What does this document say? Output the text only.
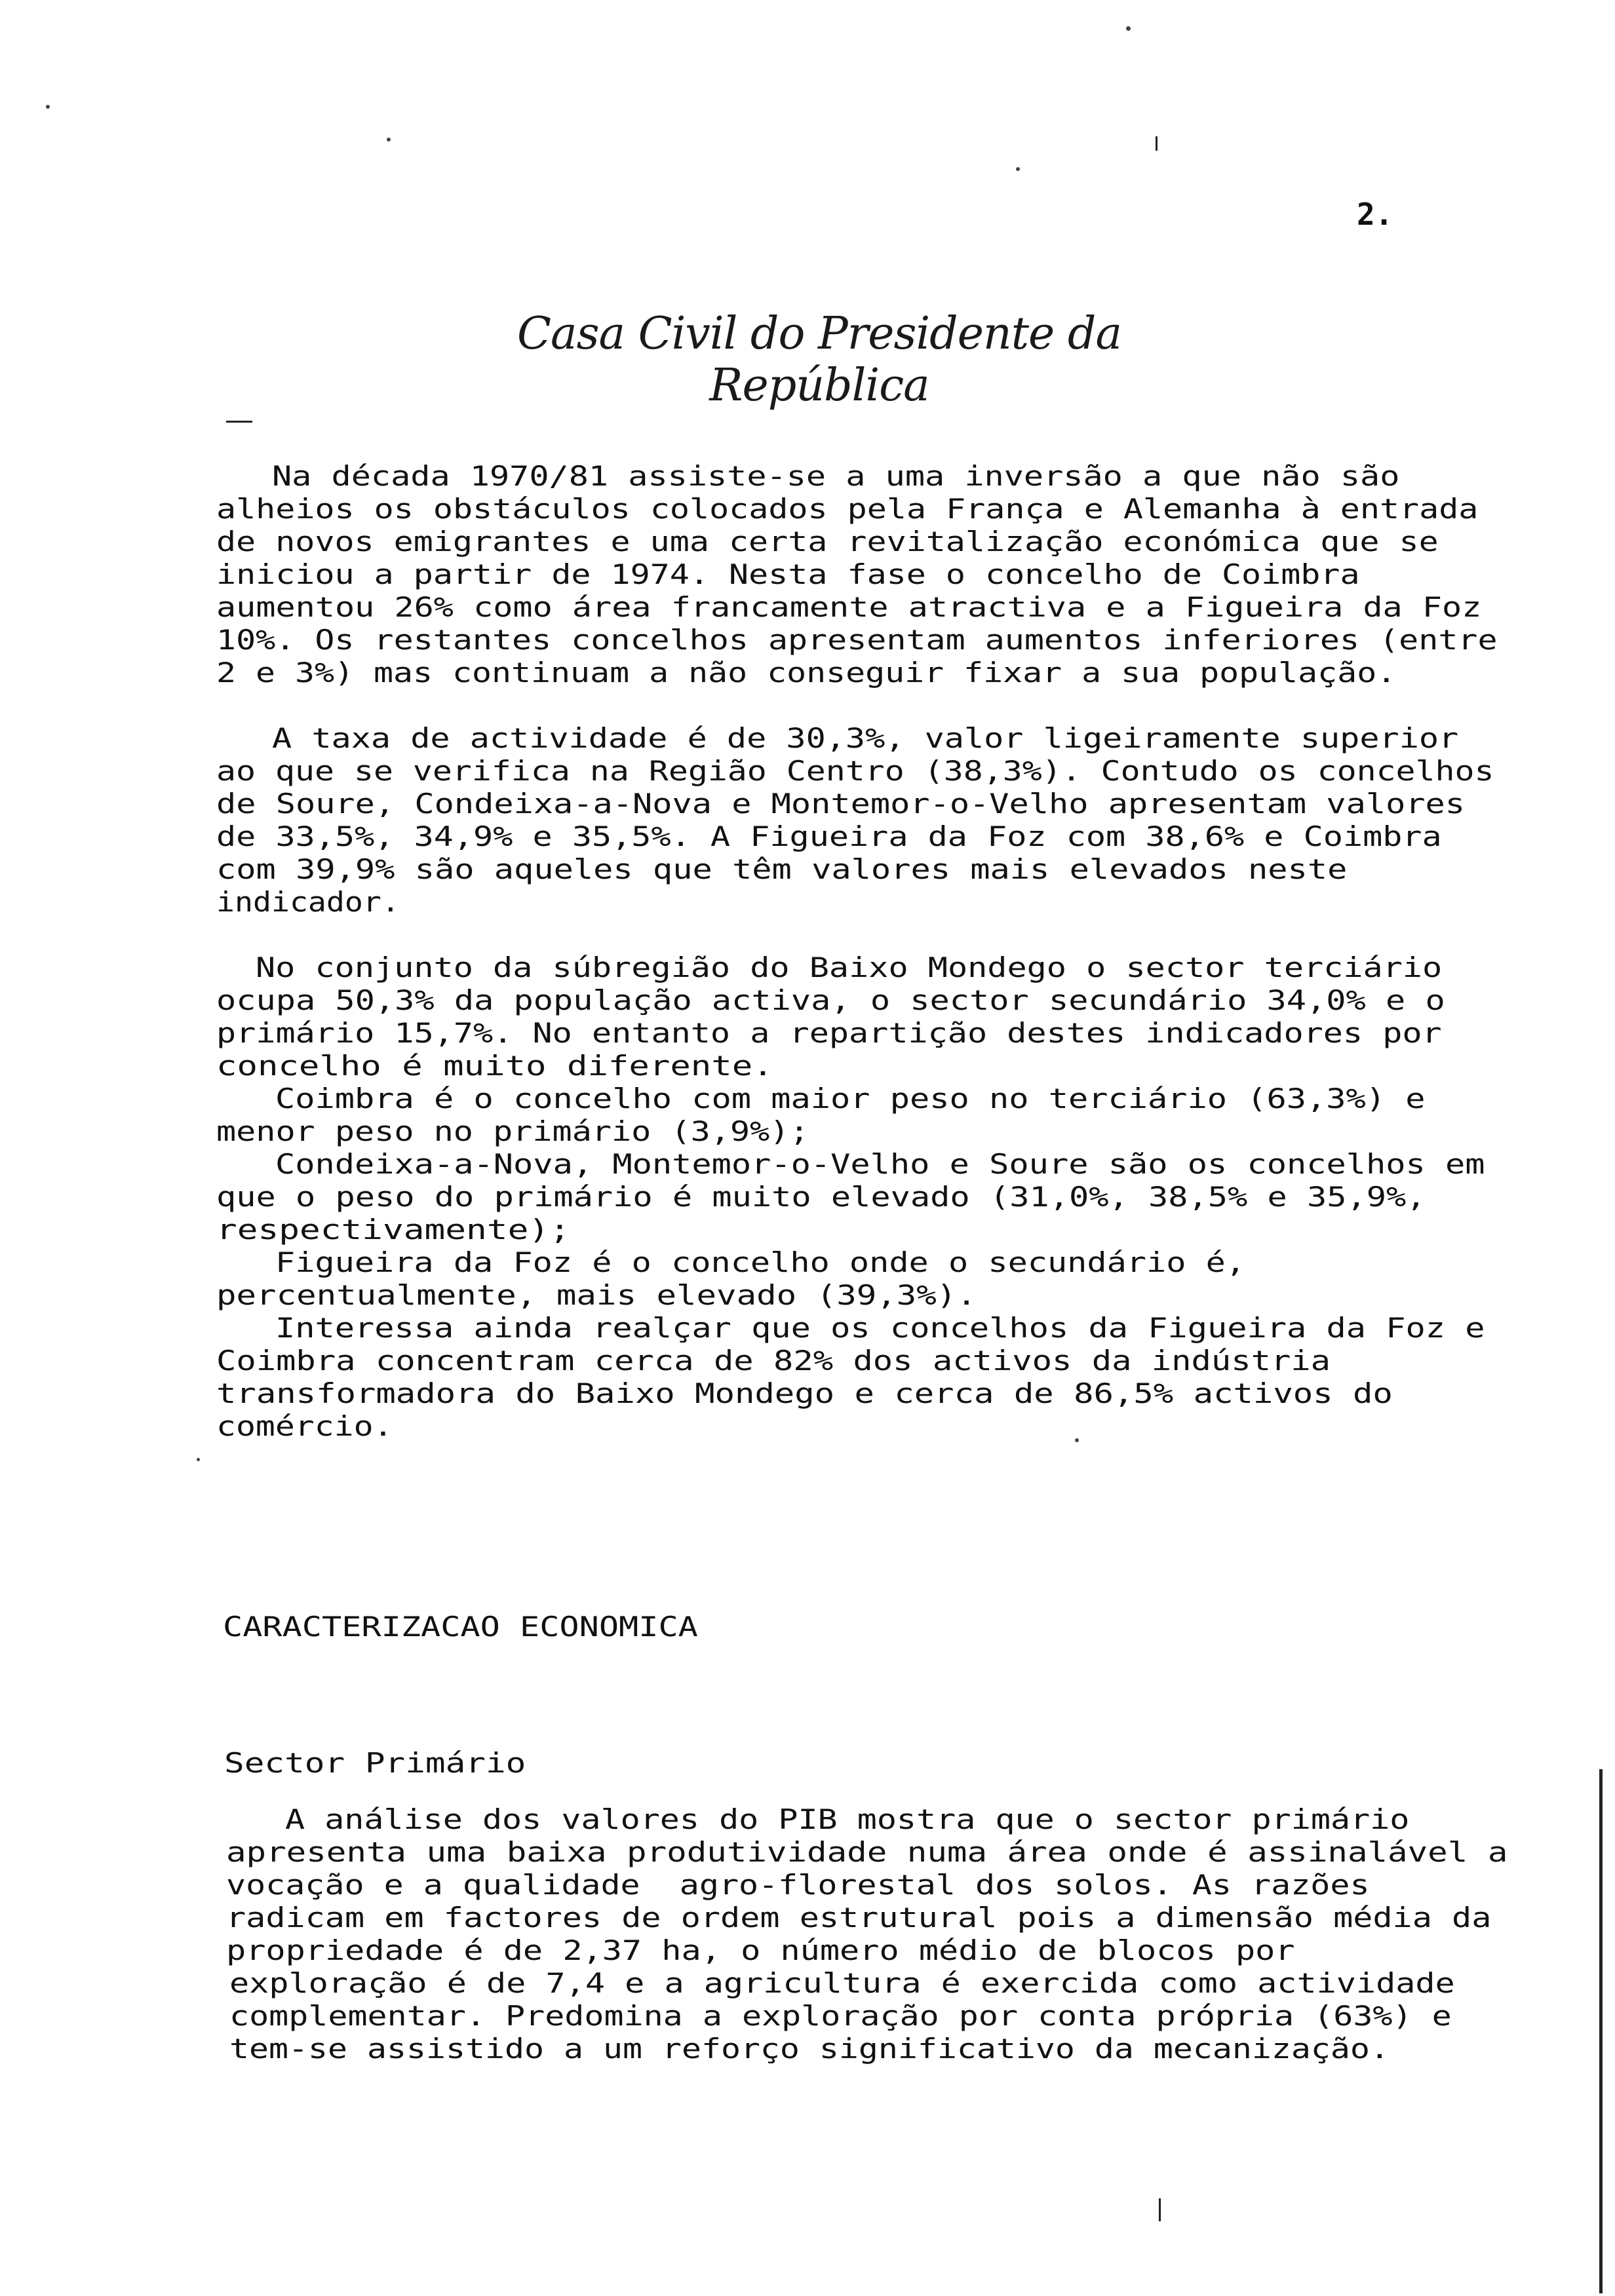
2.
Casa Civil do Presidente da República
Na década 1970/81 assiste-se a uma inversão a que não são
alheios os obstáculos colocados pela França e Alemanha à entrada
de novos emigrantes e uma certa revitalização económica que se
iniciou a partir de 1974. Nesta fase o concelho de Coimbra
aumentou 26% como área francamente atractiva e a Figueira da Foz
10%. Os restantes concelhos apresentam aumentos inferiores (entre
2 e 3%) mas continuam a não conseguir fixar a sua população.
A taxa de actividade é de 30,3%, valor ligeiramente superior
ao que se verifica na Região Centro (38,3%). Contudo os concelhos
de Soure, Condeixa-a-Nova e Montemor-o-Velho apresentam valores
de 33,5%, 34,9% e 35,5%. A Figueira da Foz com 38,6% e Coimbra
com 39,9% são aqueles que têm valores mais elevados neste
indicador.
No conjunto da súbregião do Baixo Mondego o sector terciário
ocupa 50,3% da população activa, o sector secundário 34,0% e o
primário 15,7%. No entanto a repartição destes indicadores por
concelho é muito diferente.
Coimbra é o concelho com maior peso no terciário (63,3%) e
menor peso no primário (3,9%);
Condeixa-a-Nova, Montemor-o-Velho e Soure são os concelhos em
que o peso do primário é muito elevado (31,0%, 38,5% e 35,9%,
respectivamente);
Figueira da Foz é o concelho onde o secundário é,
percentualmente, mais elevado (39,3%).
Interessa ainda realçar que os concelhos da Figueira da Foz e
Coimbra concentram cerca de 82% dos activos da indústria
transformadora do Baixo Mondego e cerca de 86,5% activos do
comércio.
CARACTERIZACAO ECONOMICA
Sector Primário
A análise dos valores do PIB mostra que o sector primário
apresenta uma baixa produtividade numa área onde é assinalável a
vocação e a qualidade  agro-florestal dos solos. As razões
radicam em factores de ordem estrutural pois a dimensão média da
propriedade é de 2,37 ha, o número médio de blocos por
exploração é de 7,4 e a agricultura é exercida como actividade
complementar. Predomina a exploração por conta própria (63%) e
tem-se assistido a um reforço significativo da mecanização.
